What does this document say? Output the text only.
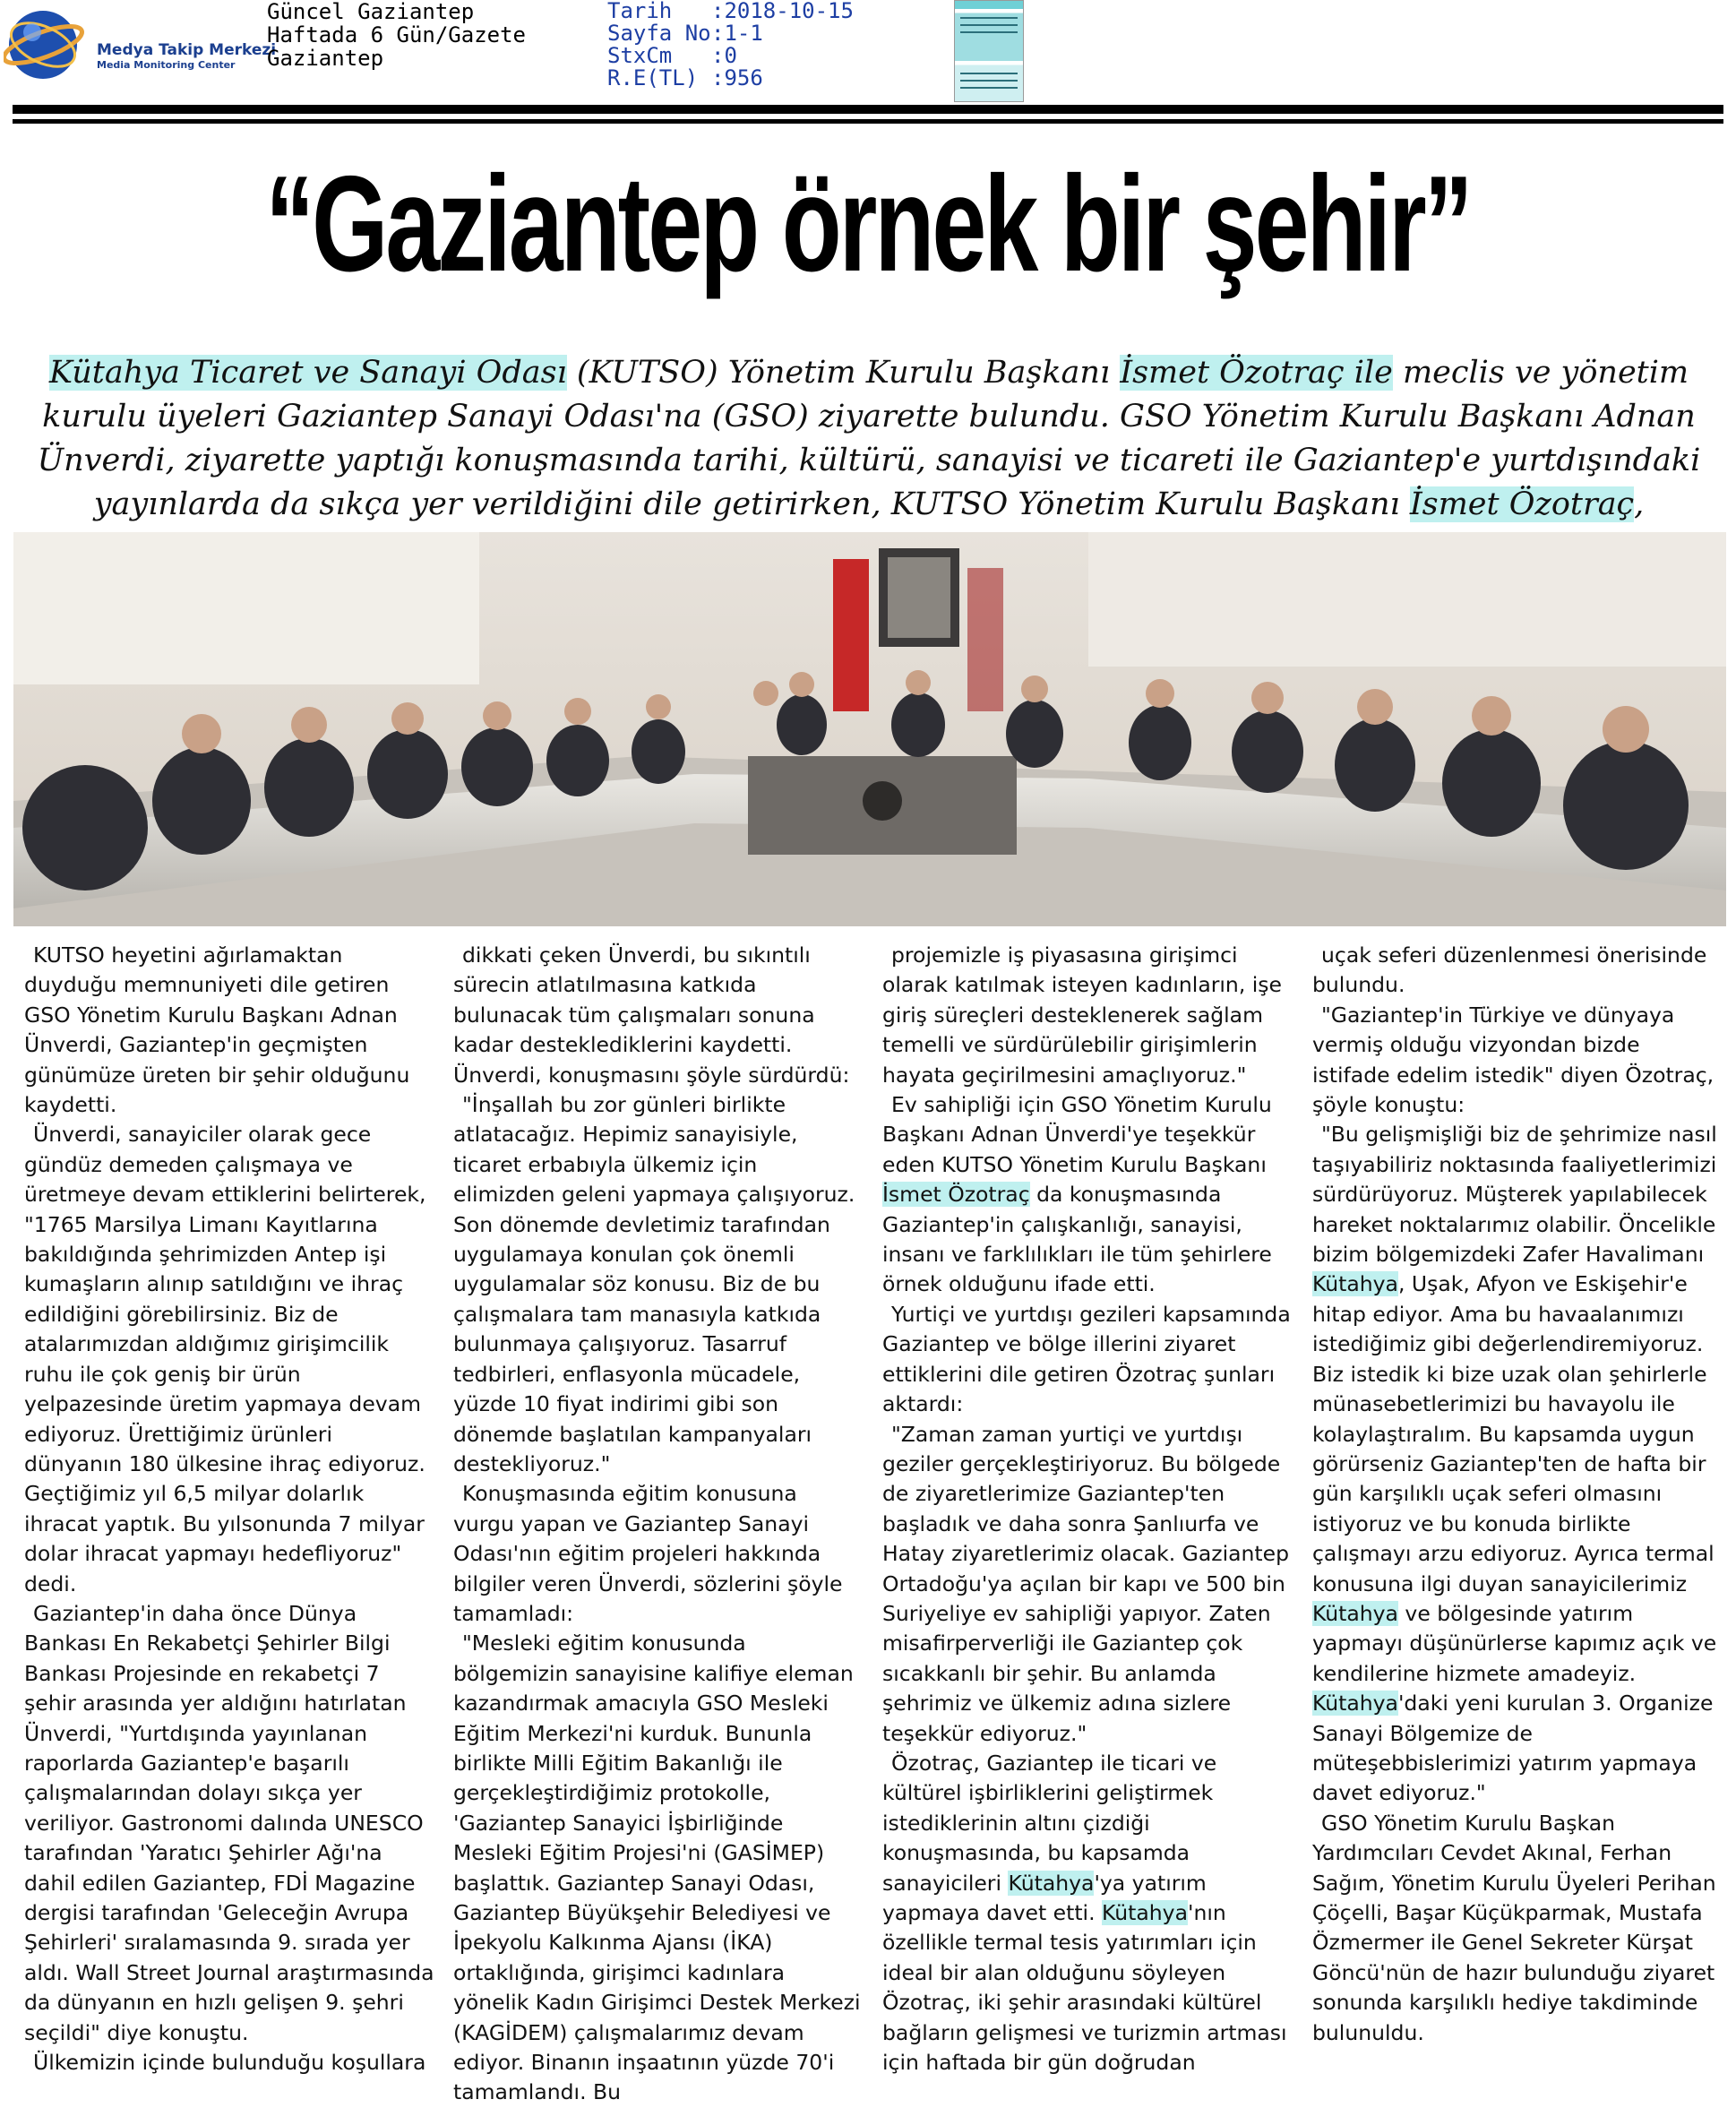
Medya Takip Merkezi
Media Monitoring Center
Güncel Gaziantep
Haftada 6 Gün/Gazete
Gaziantep
Tarih	:2018-10-15
Sayfa No :1-1
StxCm	:0
R.E(TL) :956
“Gaziantep örnek bir şehir”
Kütahya Ticaret ve Sanayi Odası (KUTSO) Yönetim Kurulu Başkanı İsmet Özotraç ile meclis ve yönetim kurulu üyeleri Gaziantep Sanayi Odası'na (GSO) ziyarette bulundu. GSO Yönetim Kurulu Başkanı Adnan Ünverdi, ziyarette yaptığı konuşmasında tarihi, kültürü, sanayisi ve ticareti ile Gaziantep'e yurtdışındaki yayınlarda da sıkça yer verildiğini dile getirirken, KUTSO Yönetim Kurulu Başkanı İsmet Özotraç,

KUTSO heyetini ağırlamaktan duyduğu memnuniyeti dile getiren GSO Yönetim Kurulu Başkanı Adnan Ünverdi, Gaziantep'in geçmişten günümüze üreten bir şehir olduğunu kaydetti.

Ünverdi, sanayiciler olarak gece gündüz demeden çalışmaya ve üretmeye devam ettiklerini belirterek, "1765 Marsilya Limanı Kayıtlarına bakıldığında şehrimizden Antep işi kumaşların alınıp satıldığını ve ihraç edildiğini görebilirsiniz. Biz de atalarımızdan aldığımız girişimcilik ruhu ile çok geniş bir ürün yelpazesinde üretim yapmaya devam ediyoruz. Ürettiğimiz ürünleri dünyanın 180 ülkesine ihraç ediyoruz. Geçtiğimiz yıl 6,5 milyar dolarlık ihracat yaptık. Bu yılsonunda 7 milyar dolar ihracat yapmayı hedefliyoruz" dedi.

Gaziantep'in daha önce Dünya Bankası En Rekabetçi Şehirler Bilgi Bankası Projesinde en rekabetçi 7 şehir arasında yer aldığını hatırlatan Ünverdi, "Yurtdışında yayınlanan raporlarda Gaziantep'e başarılı çalışmalarından dolayı sıkça yer veriliyor. Gastronomi dalında UNESCO tarafından 'Yaratıcı Şehirler Ağı'na dahil edilen Gaziantep, FDİ Magazine dergisi tarafından 'Geleceğin Avrupa Şehirleri' sıralamasında 9. sırada yer aldı. Wall Street Journal araştırmasında da dünyanın en hızlı gelişen 9. şehri seçildi" diye konuştu.

Ülkemizin içinde bulunduğu koşullara

dikkati çeken Ünverdi, bu sıkıntılı sürecin atlatılmasına katkıda bulunacak tüm çalışmaları sonuna kadar desteklediklerini kaydetti. Ünverdi, konuşmasını şöyle sürdürdü:

"İnşallah bu zor günleri birlikte atlatacağız. Hepimiz sanayisiyle, ticaret erbabıyla ülkemiz için elimizden geleni yapmaya çalışıyoruz. Son dönemde devletimiz tarafından uygulamaya konulan çok önemli uygulamalar söz konusu. Biz de bu çalışmalara tam manasıyla katkıda bulunmaya çalışıyoruz. Tasarruf tedbirleri, enflasyonla mücadele, yüzde 10 fiyat indirimi gibi son dönemde başlatılan kampanyaları destekliyoruz."

Konuşmasında eğitim konusuna vurgu yapan ve Gaziantep Sanayi Odası'nın eğitim projeleri hakkında bilgiler veren Ünverdi, sözlerini şöyle tamamladı:

"Mesleki eğitim konusunda bölgemizin sanayisine kalifiye eleman kazandırmak amacıyla GSO Mesleki Eğitim Merkezi'ni kurduk. Bununla birlikte Milli Eğitim Bakanlığı ile gerçekleştirdiğimiz protokolle, 'Gaziantep Sanayici İşbirliğinde Mesleki Eğitim Projesi'ni (GASİMEP) başlattık. Gaziantep Sanayi Odası, Gaziantep Büyükşehir Belediyesi ve İpekyolu Kalkınma Ajansı (İKA) ortaklığında, girişimci kadınlara yönelik Kadın Girişimci Destek Merkezi (KAGİDEM) çalışmalarımız devam ediyor. Binanın inşaatının yüzde 70'i tamamlandı. Bu

projemizle iş piyasasına girişimci olarak katılmak isteyen kadınların, işe giriş süreçleri desteklenerek sağlam temelli ve sürdürülebilir girişimlerin hayata geçirilmesini amaçlıyoruz."

Ev sahipliği için GSO Yönetim Kurulu Başkanı Adnan Ünverdi'ye teşekkür eden KUTSO Yönetim Kurulu Başkanı İsmet Özotraç da konuşmasında Gaziantep'in çalışkanlığı, sanayisi, insanı ve farklılıkları ile tüm şehirlere örnek olduğunu ifade etti.

Yurtiçi ve yurtdışı gezileri kapsamında Gaziantep ve bölge illerini ziyaret ettiklerini dile getiren Özotraç şunları aktardı:

"Zaman zaman yurtiçi ve yurtdışı geziler gerçekleştiriyoruz. Bu bölgede de ziyaretlerimize Gaziantep'ten başladık ve daha sonra Şanlıurfa ve Hatay ziyaretlerimiz olacak. Gaziantep Ortadoğu'ya açılan bir kapı ve 500 bin Suriyeliye ev sahipliği yapıyor. Zaten misafirperverliği ile Gaziantep çok sıcakkanlı bir şehir. Bu anlamda şehrimiz ve ülkemiz adına sizlere teşekkür ediyoruz."

Özotraç, Gaziantep ile ticari ve kültürel işbirliklerini geliştirmek istediklerinin altını çizdiği konuşmasında, bu kapsamda sanayicileri Kütahya'ya yatırım yapmaya davet etti. Kütahya'nın özellikle termal tesis yatırımları için ideal bir alan olduğunu söyleyen Özotraç, iki şehir arasındaki kültürel bağların gelişmesi ve turizmin artması için haftada bir gün doğrudan

uçak seferi düzenlenmesi önerisinde bulundu.

"Gaziantep'in Türkiye ve dünyaya vermiş olduğu vizyondan bizde istifade edelim istedik" diyen Özotraç, şöyle konuştu:

"Bu gelişmişliği biz de şehrimize nasıl taşıyabiliriz noktasında faaliyetlerimizi sürdürüyoruz. Müşterek yapılabilecek hareket noktalarımız olabilir. Öncelikle bizim bölgemizdeki Zafer Havalimanı Kütahya, Uşak, Afyon ve Eskişehir'e hitap ediyor. Ama bu havaalanımızı istediğimiz gibi değerlendiremiyoruz. Biz istedik ki bize uzak olan şehirlerle münasebetlerimizi bu havayolu ile kolaylaştıralım. Bu kapsamda uygun görürseniz Gaziantep'ten de hafta bir gün karşılıklı uçak seferi olmasını istiyoruz ve bu konuda birlikte çalışmayı arzu ediyoruz. Ayrıca termal konusuna ilgi duyan sanayicilerimiz Kütahya ve bölgesinde yatırım yapmayı düşünürlerse kapımız açık ve kendilerine hizmete amadeyiz. Kütahya'daki yeni kurulan 3. Organize Sanayi Bölgemize de müteşebbislerimizi yatırım yapmaya davet ediyoruz."

GSO Yönetim Kurulu Başkan Yardımcıları Cevdet Akınal, Ferhan Sağım, Yönetim Kurulu Üyeleri Perihan Çöçelli, Başar Küçükparmak, Mustafa Özmermer ile Genel Sekreter Kürşat Göncü'nün de hazır bulunduğu ziyaret sonunda karşılıklı hediye takdiminde bulunuldu.
